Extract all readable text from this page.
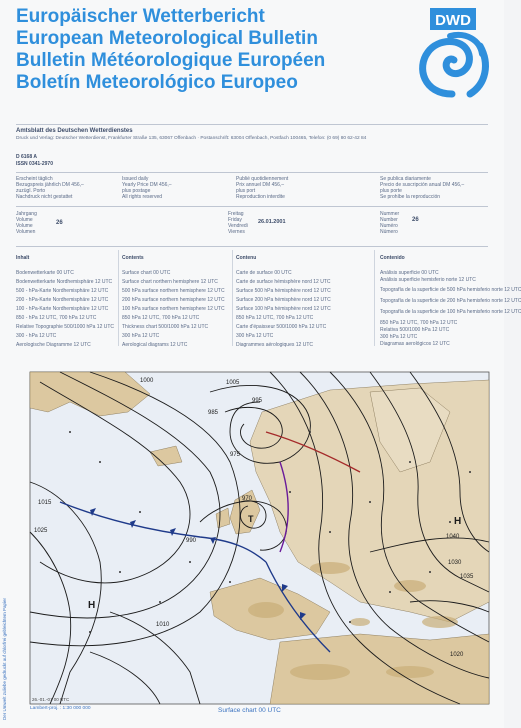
Europäischer Wetterbericht
European Meteorological Bulletin
Bulletin Météorologique Européen
Boletín Meteorológico Europeo
DWD
Amtsblatt des Deutschen Wetterdienstes
Druck und Verlag: Deutscher Wetterdienst, Frankfurter Straße 135, 63067 Offenbach · Postanschrift: 63004 Offenbach, Postfach 100465, Telefon: (0 69) 80 62-42 84
D 6168 A
ISSN 0341-2970
Erscheint täglich
Bezugspreis jährlich DM 456,–
zuzügl. Porto
Nachdruck nicht gestattet
Issued daily
Yearly Price DM 456,–
plus postage
All rights reserved
Publié quotidiennement
Prix annuel DM 456,–
plus port
Reproduction interdite
Se publica diariamente
Precio de suscripción anual DM 456,–
plus porte
Se prohíbe la reproducción
Jahrgang
Volume
Volume
Volumen
26
Freitag
Friday
Vendredi
Viernes
26.01.2001
Nummer
Number
Numéro
Número
26
Inhalt
Bodenwetterkarte 00 UTC
Bodenwetterkarte Nordhemisphäre 12 UTC
500 - hPa-Karte Nordhemisphäre 12 UTC
200 - hPa-Karte Nordhemisphäre 12 UTC
100 - hPa-Karte Nordhemisphäre 12 UTC
850 - hPa 12 UTC, 700 hPa 12 UTC
Relative Topographie 500/1000 hPa 12 UTC
300 - hPa 12 UTC
Aerologische Diagramme 12 UTC
Contents
Surface chart 00 UTC
Surface chart northern hemisphere 12 UTC
500 hPa surface northern hemisphere 12 UTC
200 hPa surface northern hemisphere 12 UTC
100 hPa surface northern hemisphere 12 UTC
850 hPa 12 UTC, 700 hPa 12 UTC
Thickness chart 500/1000 hPa 12 UTC
300 hPa 12 UTC
Aerological diagrams 12 UTC
Contenu
Carte de surface 00 UTC
Carte de surface hémisphère nord 12 UTC
Surface 500 hPa hémisphère nord 12 UTC
Surface 200 hPa hémisphère nord 12 UTC
Surface 100 hPa hémisphère nord 12 UTC
850 hPa 12 UTC, 700 hPa 12 UTC
Carte d'épaisseur 500/1000 hPa 12 UTC
300 hPa 12 UTC
Diagrammes aérologiques 12 UTC
Contenido
Análisis superficie 00 UTC
Análisis superficie hemisferio norte 12 UTC
Topografía de la superficie de 500 hPa hemisferio norte 12 UTC
Topografía de la superficie de 200 hPa hemisferio norte 12 UTC
Topografía de la superficie de 100 hPa hemisferio norte 12 UTC
850 hPa 12 UTC, 700 hPa 12 UTC
Relativa 500/1000 hPa 12 UTC
300 hPa 12 UTC
Diagramas aerológicos 12 UTC
T
H
H
1005
1000
995
985
975
970
990
1015
1025
1030
1035
1040
1020
1010
26.-01.-01 00 UTC
Lambert-proj. : 1:30 000 000	Surface chart 00 UTC
Der Umwelt zuliebe gedruckt auf chlorfrei gebleichtem Papier
